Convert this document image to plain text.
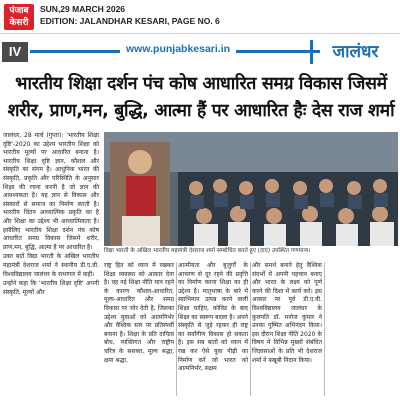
पंजाब केसरी
SUN,29 MARCH 2026
EDITION: JALANDHAR KESARI, PAGE NO. 6
IV	www.punjabkesari.in	जालंधर
भारतीय शिक्षा दर्शन पंच कोष आधारित समग्र विकास जिसमें
शरीर, प्राण,मन, बुद्धि, आत्मा हैं पर आधारित हैः देस राज शर्मा

जालंधर, 28 मार्च (गुप्ता): 'भारतीय शिक्षा दृष्टि'-2020 का उद्देश्य भारतीय शिक्षा को भारतीय मूल्यों पर आधारित बनाना है। भारतीय शिक्षा दृष्टि ज्ञान, कौशल और संस्कृति का संगम है। आधुनिक भारत की संस्कृति, प्रकृति और परिस्थिति के अनुसार शिक्षा की रचना करनी है जो ज्ञान की आवश्यकता है। यह ज्ञान से विकास और संस्कारों से समाज का निर्माण करती है। भारतीय चिंतन आध्यात्मिक प्रकृति का है और शिक्षा का उद्देश्य भी आध्यात्मिकता है। इसीलिए भारतीय शिक्षा दर्शन पंच कोष आधारित समग्र विकास जिसमें शरीर, प्राण,मन, बुद्धि, आत्मा है पर आधारित है।

उक्त बातें विद्या भारती के अखिल भारतीय महामंत्री देशराज शर्मा ने स्थानीय डी.ए.वी. विश्वविद्यालय जालंधर के सभागार में कहीं।

उन्होंने कहा कि 'भारतीय शिक्षा दृष्टि' अपनी संस्कृति, मूल्यों और

विद्या भारती के अखिल भारतीय महामंत्री देशराज शर्मा सम्बोधित करते हुए (दाएं) उपस्थित गणमान्य।
राष्ट्र हित को ध्यान में रखकर शिक्षा व्यवस्था को आकार देना है। वह नई शिक्षा नीति मान रहने के कारण कौशल-आधारित, मूल्य-आधारित और समग्र विकास पर जोर देती है, जिसका उद्देश्य युवाओं को आत्मनिर्भर और वैश्विक स्तर पर प्रतिस्पर्धी बनाना है। शिक्षा के प्रति दायित्व बोध, व्यक्तिगत और राष्ट्रीय चरित्र के सशक्त, मूल्य श्रद्धा, क्षमा श्रद्धा,
आत्मीयता और बुजुर्गों के आचरण से दूर रहने की प्रवृत्ति का निर्माण करना शिक्षा का ही उद्देश्य है। मातृभाषा के बारे में स्वाभिमान उत्पन्न करने वाली शिक्षा चाहिए, कोविड के बाद शिक्षा का स्वरूप बदला है। अपने संस्कृति से जुड़े रहकर ही राष्ट्र का सर्वांगीण विकास हो सकता है। इस सब बातों को ध्यान में रख कर ऐसे युवा पीढ़ी का निर्माण करें जो भारत को आत्मनिर्भर, सक्षम
और समर्थ बनाने हेतु वैश्विक संदर्भों में अपनी पहचान बनाए और भारत के लक्ष्य को पूर्ण करने की दिशा में कार्य करें। इस अवसर पर पूर्व डी.ए.वी. विश्वविद्यालय जालंधर के कुलपति डॉ. मनोज कुमार ने उनका पुष्पित अभिनंदन किया। इस दौरान शिक्षा नीति 2020 के विषय में विभिन्न मुख्यों संबंधित जिज्ञासाओं के प्रति भी देशराज शर्मा ने बखूबी निदान किया।
